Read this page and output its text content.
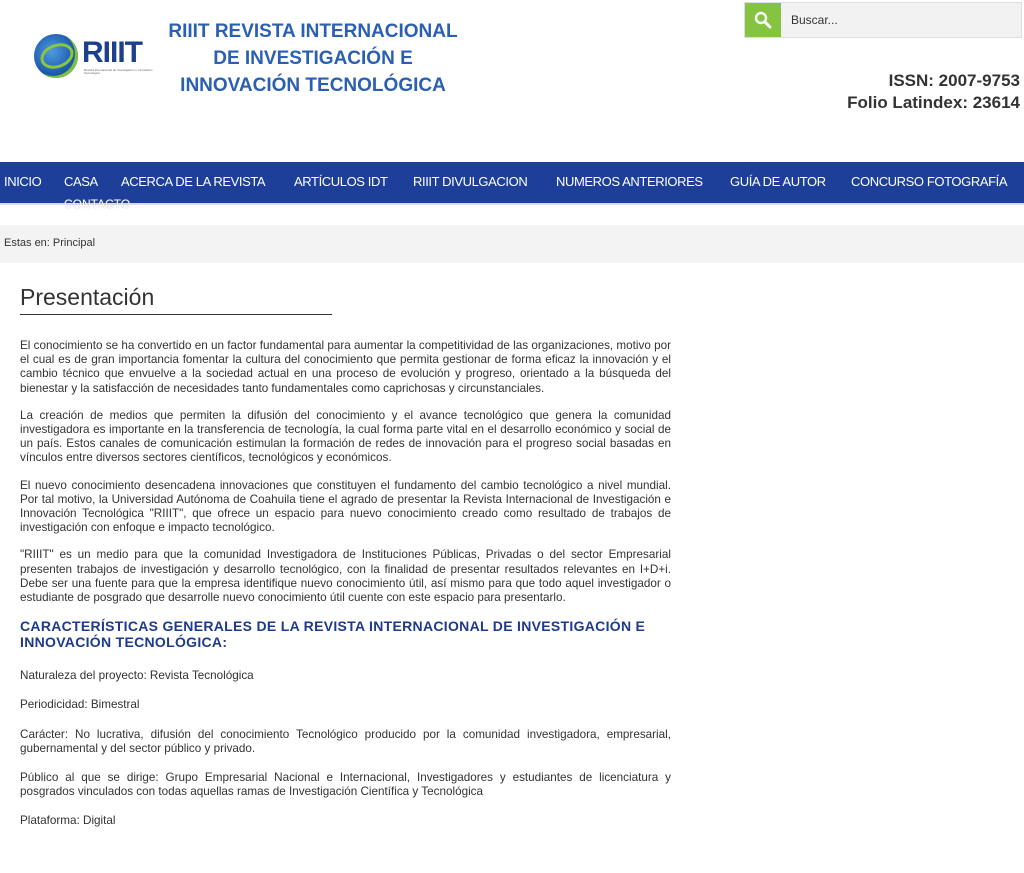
RIIIT
Revista Internacional de Investigación e Innovación Tecnológica
RIIIT REVISTA INTERNACIONAL
DE INVESTIGACIÓN E
INNOVACIÓN TECNOLÓGICA
Buscar...	ISSN: 2007-9753
Folio Latindex: 23614
INICIO CASA ACERCA DE LA REVISTA ARTÍCULOS IDT RIIIT DIVULGACION NUMEROS ANTERIORES GUÍA DE AUTOR CONCURSO FOTOGRAFÍA
CONTACTO
Estas en: Principal
Presentación

El conocimiento se ha convertido en un factor fundamental para aumentar la competitividad de las organizaciones, motivo por el cual es de gran importancia fomentar la cultura del conocimiento que permita gestionar de forma eficaz la innovación y el cambio técnico que envuelve a la sociedad actual en una proceso de evolución y progreso, orientado a la búsqueda del bienestar y la satisfacción de necesidades tanto fundamentales como caprichosas y circunstanciales.

La creación de medios que permiten la difusión del conocimiento y el avance tecnológico que genera la comunidad investigadora es importante en la transferencia de tecnología, la cual forma parte vital en el desarrollo económico y social de un país. Estos canales de comunicación estimulan la formación de redes de innovación para el progreso social basadas en vínculos entre diversos sectores científicos, tecnológicos y económicos.

El nuevo conocimiento desencadena innovaciones que constituyen el fundamento del cambio tecnológico a nivel mundial. Por tal motivo, la Universidad Autónoma de Coahuila tiene el agrado de presentar la Revista Internacional de Investigación e Innovación Tecnológica "RIIIT", que ofrece un espacio para nuevo conocimiento creado como resultado de trabajos de investigación con enfoque e impacto tecnológico.

"RIIIT" es un medio para que la comunidad Investigadora de Instituciones Públicas, Privadas o del sector Empresarial presenten trabajos de investigación y desarrollo tecnológico, con la finalidad de presentar resultados relevantes en I+D+i. Debe ser una fuente para que la empresa identifique nuevo conocimiento útil, así mismo para que todo aquel investigador o estudiante de posgrado que desarrolle nuevo conocimiento útil cuente con este espacio para presentarlo.

CARACTERÍSTICAS GENERALES DE LA REVISTA INTERNACIONAL DE INVESTIGACIÓN E INNOVACIÓN TECNOLÓGICA:

Naturaleza del proyecto: Revista Tecnológica

Periodicidad: Bimestral

Carácter: No lucrativa, difusión del conocimiento Tecnológico producido por la comunidad investigadora, empresarial, gubernamental y del sector público y privado.

Público al que se dirige: Grupo Empresarial Nacional e Internacional, Investigadores y estudiantes de licenciatura y posgrados vinculados con todas aquellas ramas de Investigación Científica y Tecnológica

Plataforma: Digital
